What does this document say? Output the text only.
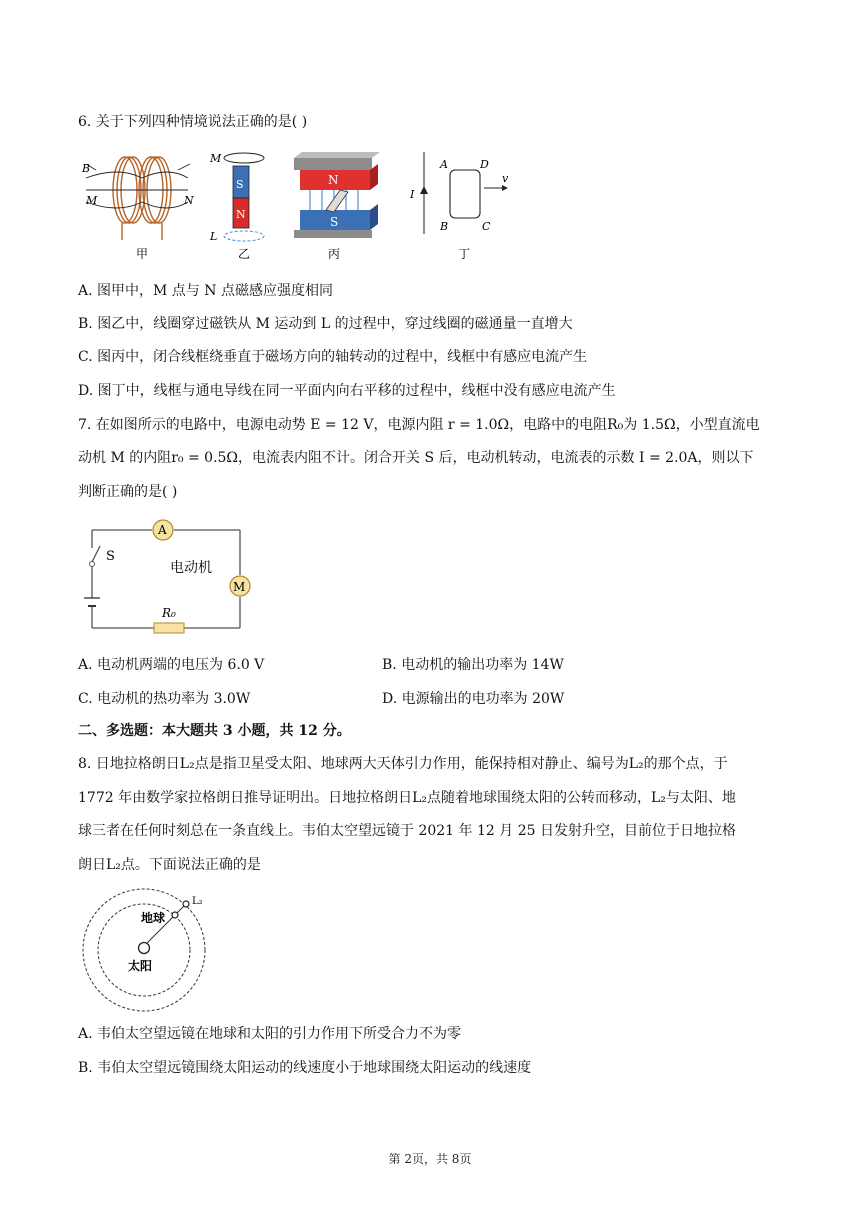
6. 关于下列四种情境说法正确的是( )
B
M	N
甲
M
S
N
L
乙
N
S
丙
A	D
I
v
B	C
丁
A. 图甲中，M 点与 N 点磁感应强度相同
B. 图乙中，线圈穿过磁铁从 M 运动到 L 的过程中，穿过线圈的磁通量一直增大
C. 图丙中，闭合线框绕垂直于磁场方向的轴转动的过程中，线框中有感应电流产生
D. 图丁中，线框与通电导线在同一平面内向右平移的过程中，线框中没有感应电流产生
7. 在如图所示的电路中，电源电动势 E = 12 V，电源内阻 r = 1.0Ω，电路中的电阻R₀为 1.5Ω，小型直流电
动机 M 的内阻r₀ = 0.5Ω，电流表内阻不计。闭合开关 S 后，电动机转动，电流表的示数 I = 2.0A，则以下
判断正确的是( )
A
S
电动机
M
R₀
A. 电动机两端的电压为 6.0 V	B. 电动机的输出功率为 14W
C. 电动机的热功率为 3.0W	D. 电源输出的电功率为 20W
二、多选题：本大题共 3 小题，共 12 分。
8. 日地拉格朗日L₂点是指卫星受太阳、地球两大天体引力作用，能保持相对静止、编号为L₂的那个点，于
1772 年由数学家拉格朗日推导证明出。日地拉格朗日L₂点随着地球围绕太阳的公转而移动，L₂与太阳、地
球三者在任何时刻总在一条直线上。韦伯太空望远镜于 2021 年 12 月 25 日发射升空，目前位于日地拉格
朗日L₂点。下面说法正确的是
地球
太阳
L₂
A. 韦伯太空望远镜在地球和太阳的引力作用下所受合力不为零
B. 韦伯太空望远镜围绕太阳运动的线速度小于地球围绕太阳运动的线速度
第 2页，共 8页
